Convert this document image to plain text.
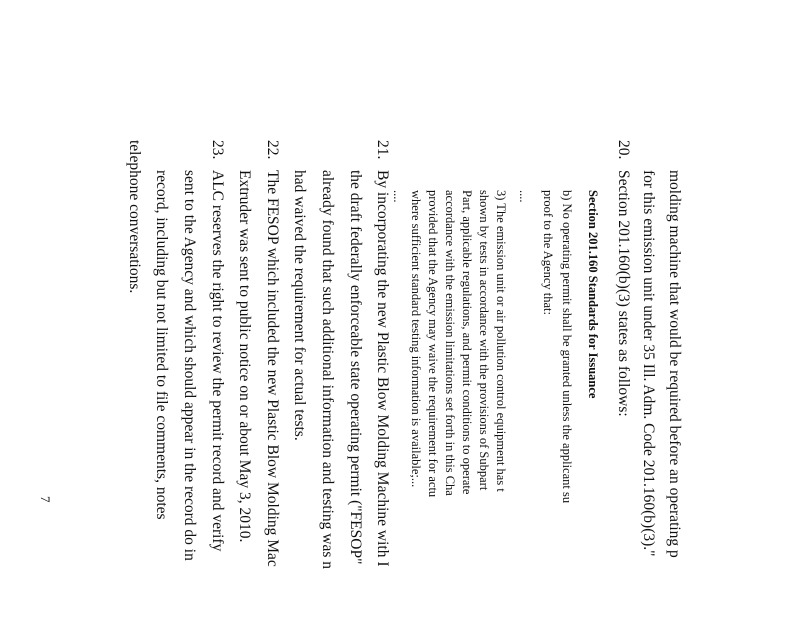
molding machine that would be required before an operating p
for this emission unit under 35 Ill. Adm. Code 201.160(b)(3)."
20.
Section 201.160(b)(3) states as follows:
Section 201.160 Standards for Issuance
b) No operating permit shall be granted unless the applicant su
proof to the Agency that:
....
3) The emission unit or air pollution control equipment has t
shown by tests in accordance with the provisions of Subpart
Part, applicable regulations, and permit conditions to operate
accordance with the emission limitations set forth in this Cha
provided that the Agency may waive the requirement for actu
where sufficient standard testing information is available;...
....
21.
By incorporating the new Plastic Blow Molding Machine with I
the draft federally enforceable state operating permit ("FESOP"
already found that such additional information and testing was n
had waived the requirement for actual tests.
22.
The FESOP which included the new Plastic Blow Molding Mac
Extruder was sent to public notice on or about May 3, 2010.
23.
ALC reserves the right to review the permit record and verify
sent to the Agency and which should appear in the record do in
record, including but not limited to file comments, notes
telephone conversations.
7
